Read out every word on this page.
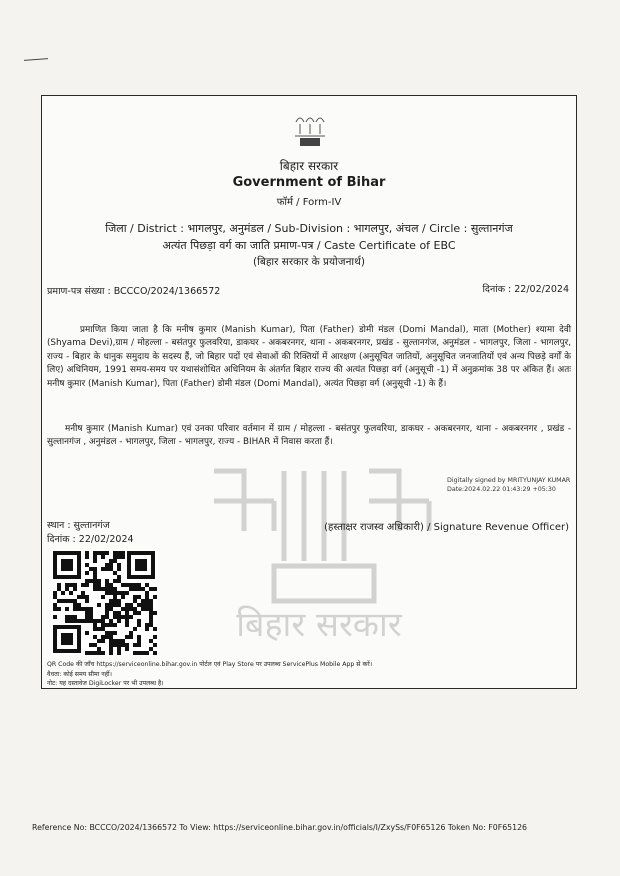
बिहार सरकार
Government of Bihar
फॉर्म / Form-IV
जिला / District : भागलपुर, अनुमंडल / Sub-Division : भागलपुर, अंचल / Circle : सुल्तानगंज
अत्यंत पिछड़ा वर्ग का जाति प्रमाण-पत्र / Caste Certificate of EBC
(बिहार सरकार के प्रयोजनार्थ)
प्रमाण-पत्र संख्या : BCCCO/2024/1366572	दिनांक : 22/02/2024
बिहार सरकार
प्रमाणित किया जाता है कि मनीष कुमार (Manish Kumar), पिता (Father) डोमी मंडल (Domi Mandal), माता (Mother) श्यामा देवी (Shyama Devi),ग्राम / मोहल्ला - बसंतपुर फुलवरिया, डाकघर - अकबरनगर, थाना - अकबरनगर, प्रखंड - सुल्तानगंज, अनुमंडल - भागलपुर, जिला - भागलपुर, राज्य - बिहार के धानुक समुदाय के सदस्य हैं, जो बिहार पदों एवं सेवाओं की रिक्तियों में आरक्षण (अनुसूचित जातियों, अनुसूचित जनजातियों एवं अन्य पिछड़े वर्गों के लिए) अधिनियम, 1991 समय-समय पर यथासंशोधित अधिनियम के अंतर्गत बिहार राज्य की अत्यंत पिछड़ा वर्ग (अनुसूची -1) में अनुक्रमांक 38 पर अंकित हैं। अतः मनीष कुमार (Manish Kumar), पिता (Father) डोमी मंडल (Domi Mandal), अत्यंत पिछड़ा वर्ग (अनुसूची -1) के हैं।
मनीष कुमार (Manish Kumar) एवं उनका परिवार वर्तमान में ग्राम / मोहल्ला - बसंतपुर फुलवरिया, डाकघर - अकबरनगर, थाना - अकबरनगर , प्रखंड - सुल्तानगंज , अनुमंडल - भागलपुर, जिला - भागलपुर, राज्य - BIHAR में निवास करता हैं।
Digitally signed by MRITYUNJAY KUMAR
Date:2024.02.22 01:43:29 +05:30
स्थान : सुल्तानगंज
दिनांक : 22/02/2024
(हस्ताक्षर राजस्व अधिकारी) / Signature Revenue Officer)
QR Code की जाँच https://serviceonline.bihar.gov.in पोर्टल एवं Play Store पर उपलब्ध ServicePlus Mobile App से करें।
वैधता: कोई समय सीमा नहीं।
नोट: यह दस्तावेज DigiLocker पर भी उपलब्ध है।
Reference No: BCCCO/2024/1366572 To View: https://serviceonline.bihar.gov.in/officials/I/ZxySs/F0F65126 Token No: F0F65126
